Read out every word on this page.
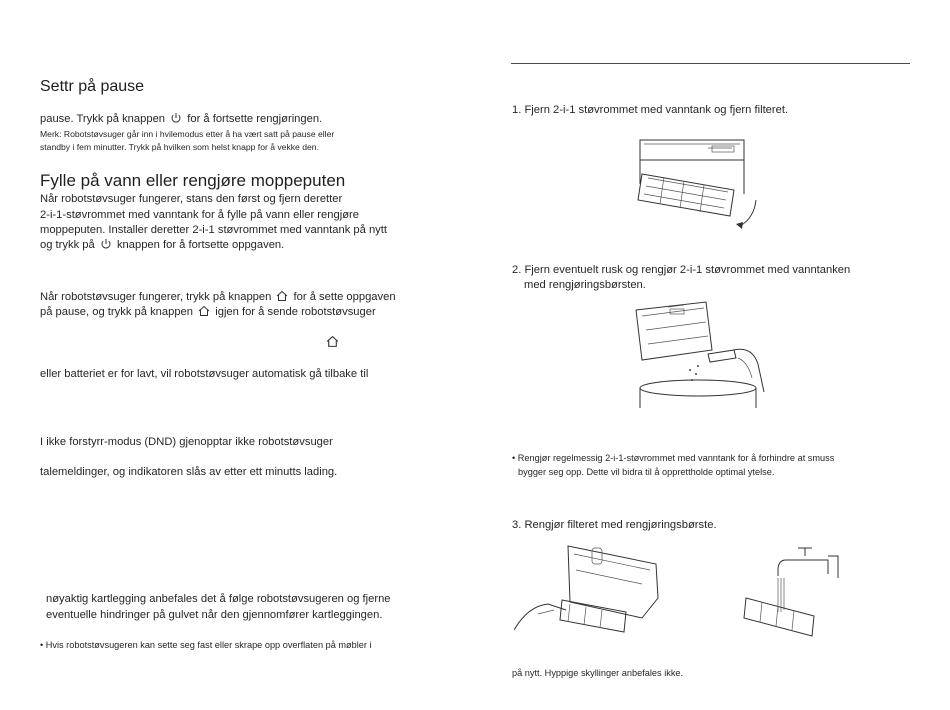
Settr på pause
pause. Trykk på knappen for å fortsette rengjøringen.
Merk: Robotstøvsuger går inn i hvilemodus etter å ha vært satt på pause eller
standby i fem minutter. Trykk på hvilken som helst knapp for å vekke den.
Fylle på vann eller rengjøre moppeputen
Når robotstøvsuger fungerer, stans den først og fjern deretter
2-i-1-støvrommet med vanntank for å fylle på vann eller rengjøre
moppeputen. Installer deretter 2-i-1 støvrommet med vanntank på nytt
og trykk på knappen for å fortsette oppgaven.
Når robotstøvsuger fungerer, trykk på knappen for å sette oppgaven
på pause, og trykk på knappen igjen for å sende robotstøvsuger
eller batteriet er for lavt, vil robotstøvsuger automatisk gå tilbake til
I ikke forstyrr-modus (DND) gjenopptar ikke robotstøvsuger
talemeldinger, og indikatoren slås av etter ett minutts lading.
nøyaktig kartlegging anbefales det å følge robotstøvsugeren og fjerne
eventuelle hindringer på gulvet når den gjennomfører kartleggingen.
• Hvis robotstøvsugeren kan sette seg fast eller skrape opp overflaten på møbler i
1. Fjern 2-i-1 støvrommet med vanntank og fjern filteret.
2. Fjern eventuelt rusk og rengjør 2-i-1 støvrommet med vanntanken
med rengjøringsbørsten.
• Rengjør regelmessig 2-i-1-støvrommet med vanntank for å forhindre at smuss
bygger seg opp. Dette vil bidra til å opprettholde optimal ytelse.
3. Rengjør filteret med rengjøringsbørste.
på nytt. Hyppige skyllinger anbefales ikke.
